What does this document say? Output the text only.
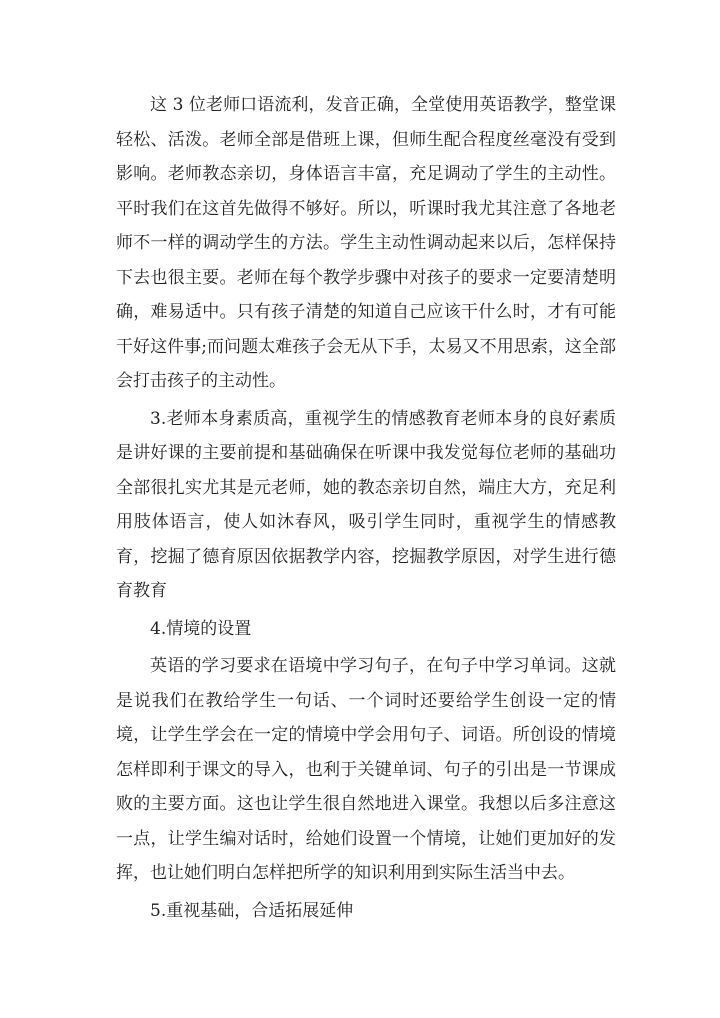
这 3 位老师口语流利，发音正确，全堂使用英语教学，整堂课轻松、活泼。老师全部是借班上课，但师生配合程度丝毫没有受到影响。老师教态亲切，身体语言丰富，充足调动了学生的主动性。平时我们在这首先做得不够好。所以，听课时我尤其注意了各地老师不一样的调动学生的方法。学生主动性调动起来以后，怎样保持下去也很主要。老师在每个教学步骤中对孩子的要求一定要清楚明确，难易适中。只有孩子清楚的知道自己应该干什么时，才有可能干好这件事;而问题太难孩子会无从下手，太易又不用思索，这全部会打击孩子的主动性。

3.老师本身素质高，重视学生的情感教育老师本身的良好素质是讲好课的主要前提和基础确保在听课中我发觉每位老师的基础功全部很扎实尤其是元老师，她的教态亲切自然，端庄大方，充足利用肢体语言，使人如沐春风，吸引学生同时，重视学生的情感教育，挖掘了德育原因依据教学内容，挖掘教学原因，对学生进行德育教育

4.情境的设置

英语的学习要求在语境中学习句子，在句子中学习单词。这就是说我们在教给学生一句话、一个词时还要给学生创设一定的情境，让学生学会在一定的情境中学会用句子、词语。所创设的情境怎样即利于课文的导入，也利于关键单词、句子的引出是一节课成败的主要方面。这也让学生很自然地进入课堂。我想以后多注意这一点，让学生编对话时，给她们设置一个情境，让她们更加好的发挥，也让她们明白怎样把所学的知识利用到实际生活当中去。

5.重视基础，合适拓展延伸
